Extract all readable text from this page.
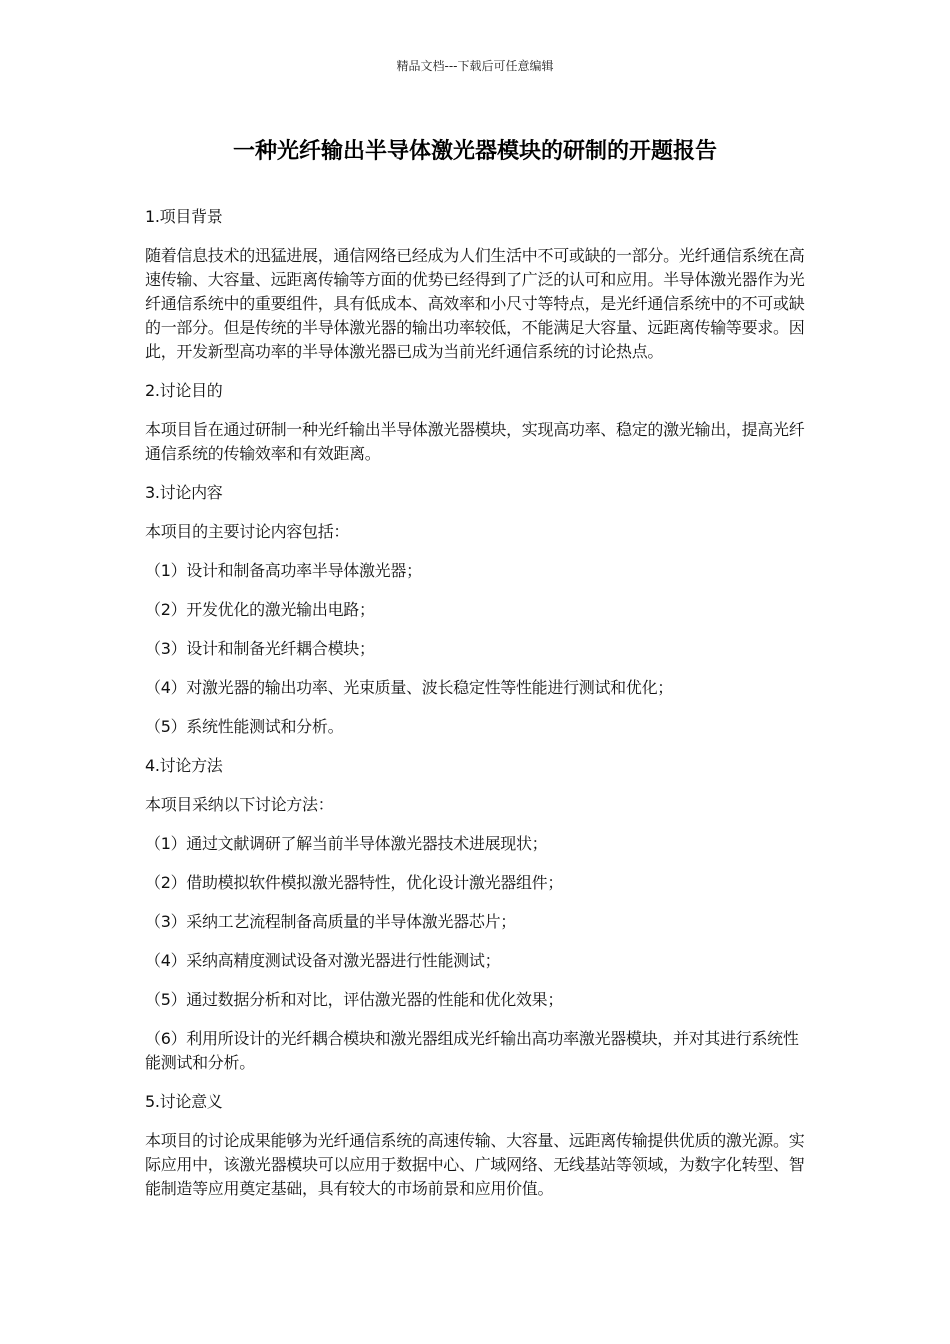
精品文档---下载后可任意编辑
一种光纤输出半导体激光器模块的研制的开题报告
1.项目背景

随着信息技术的迅猛进展，通信网络已经成为人们生活中不可或缺的一部分。光纤通信系统在高速传输、大容量、远距离传输等方面的优势已经得到了广泛的认可和应用。半导体激光器作为光纤通信系统中的重要组件，具有低成本、高效率和小尺寸等特点，是光纤通信系统中的不可或缺的一部分。但是传统的半导体激光器的输出功率较低，不能满足大容量、远距离传输等要求。因此，开发新型高功率的半导体激光器已成为当前光纤通信系统的讨论热点。

2.讨论目的

本项目旨在通过研制一种光纤输出半导体激光器模块，实现高功率、稳定的激光输出，提高光纤通信系统的传输效率和有效距离。

3.讨论内容

本项目的主要讨论内容包括：

（1）设计和制备高功率半导体激光器；

（2）开发优化的激光输出电路；

（3）设计和制备光纤耦合模块；

（4）对激光器的输出功率、光束质量、波长稳定性等性能进行测试和优化；

（5）系统性能测试和分析。

4.讨论方法

本项目采纳以下讨论方法：

（1）通过文献调研了解当前半导体激光器技术进展现状；

（2）借助模拟软件模拟激光器特性，优化设计激光器组件；

（3）采纳工艺流程制备高质量的半导体激光器芯片；

（4）采纳高精度测试设备对激光器进行性能测试；

（5）通过数据分析和对比，评估激光器的性能和优化效果；

（6）利用所设计的光纤耦合模块和激光器组成光纤输出高功率激光器模块，并对其进行系统性能测试和分析。

5.讨论意义

本项目的讨论成果能够为光纤通信系统的高速传输、大容量、远距离传输提供优质的激光源。实际应用中，该激光器模块可以应用于数据中心、广域网络、无线基站等领域，为数字化转型、智能制造等应用奠定基础，具有较大的市场前景和应用价值。
